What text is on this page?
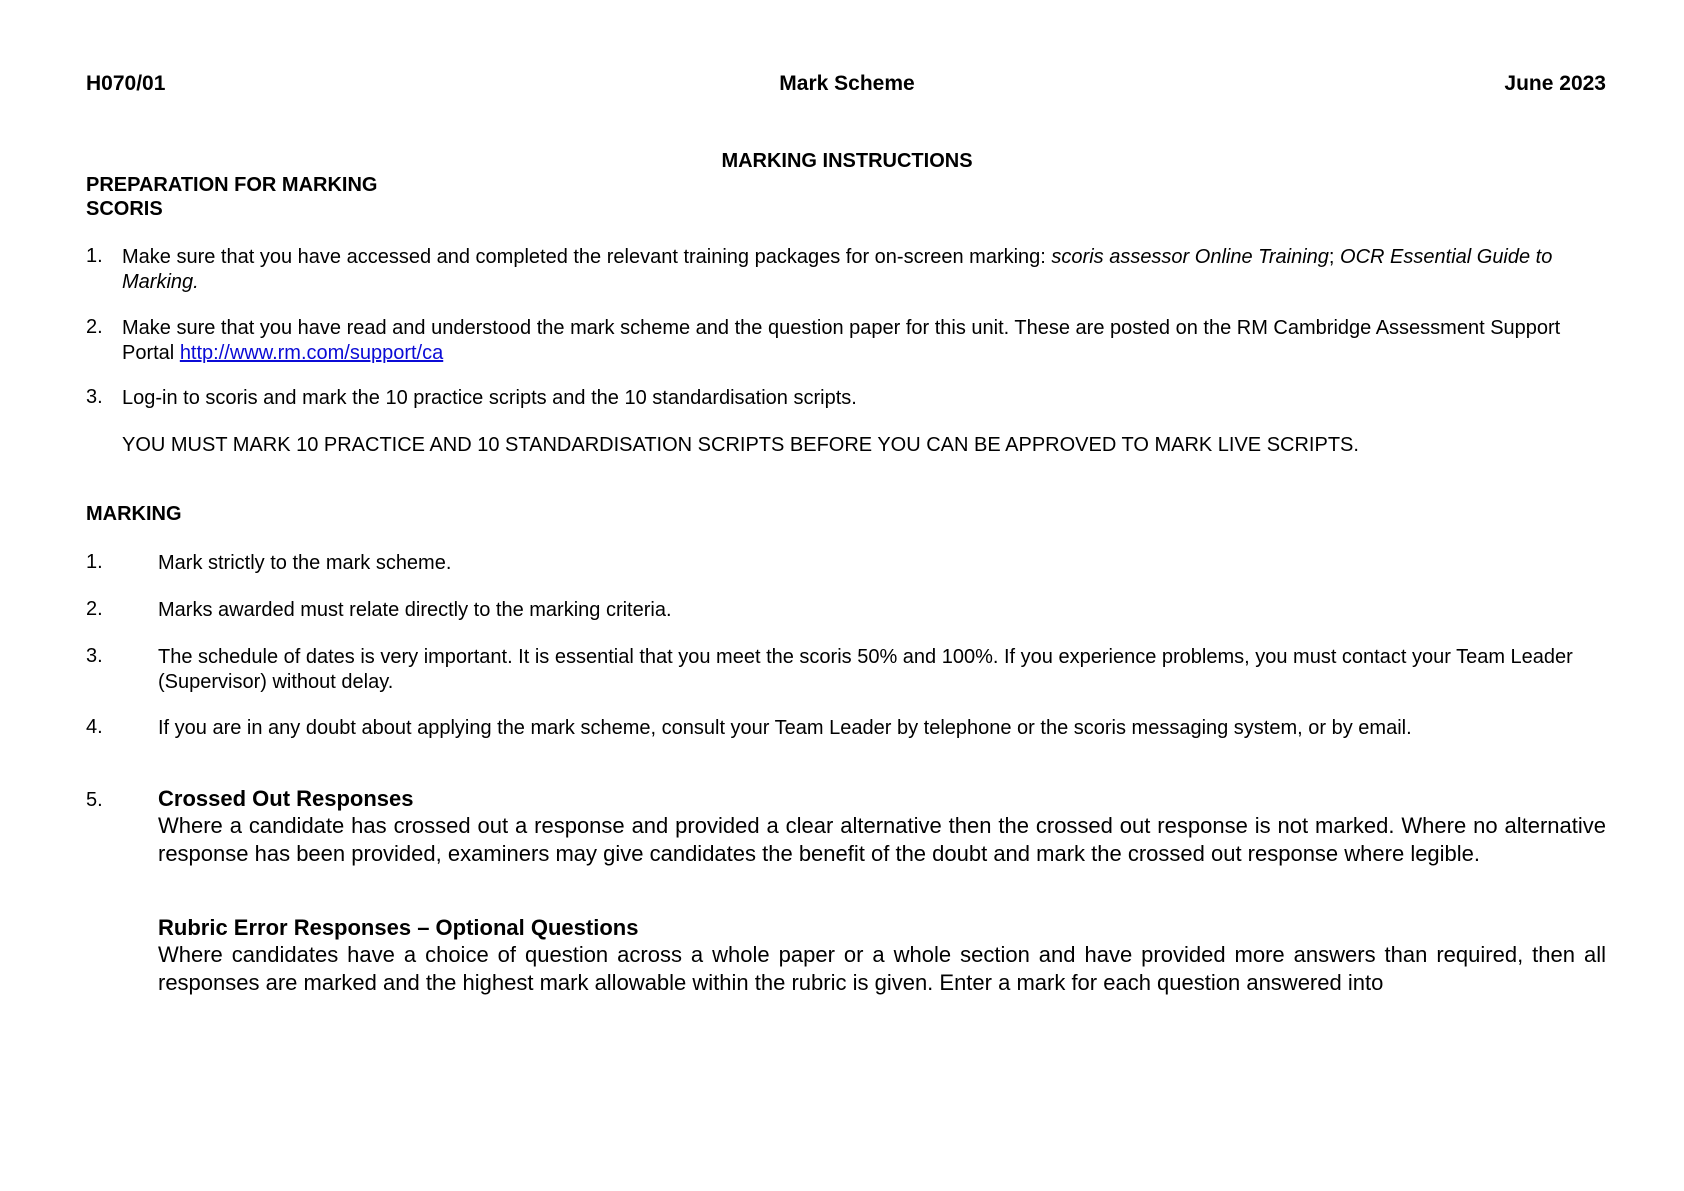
H070/01	Mark Scheme	June 2023
MARKING INSTRUCTIONS
PREPARATION FOR MARKING
SCORIS
1. Make sure that you have accessed and completed the relevant training packages for on-screen marking: scoris assessor Online Training; OCR Essential Guide to Marking.
2. Make sure that you have read and understood the mark scheme and the question paper for this unit. These are posted on the RM Cambridge Assessment Support Portal http://www.rm.com/support/ca
3. Log-in to scoris and mark the 10 practice scripts and the 10 standardisation scripts.
YOU MUST MARK 10 PRACTICE AND 10 STANDARDISATION SCRIPTS BEFORE YOU CAN BE APPROVED TO MARK LIVE SCRIPTS.
MARKING
1.	Mark strictly to the mark scheme.
2.	Marks awarded must relate directly to the marking criteria.
3.	The schedule of dates is very important. It is essential that you meet the scoris 50% and 100%. If you experience problems, you must contact your Team Leader (Supervisor) without delay.
4.	If you are in any doubt about applying the mark scheme, consult your Team Leader by telephone or the scoris messaging system, or by email.
5.	Crossed Out Responses
Where a candidate has crossed out a response and provided a clear alternative then the crossed out response is not marked. Where no alternative response has been provided, examiners may give candidates the benefit of the doubt and mark the crossed out response where legible.
Rubric Error Responses – Optional Questions
Where candidates have a choice of question across a whole paper or a whole section and have provided more answers than required, then all responses are marked and the highest mark allowable within the rubric is given. Enter a mark for each question answered into
